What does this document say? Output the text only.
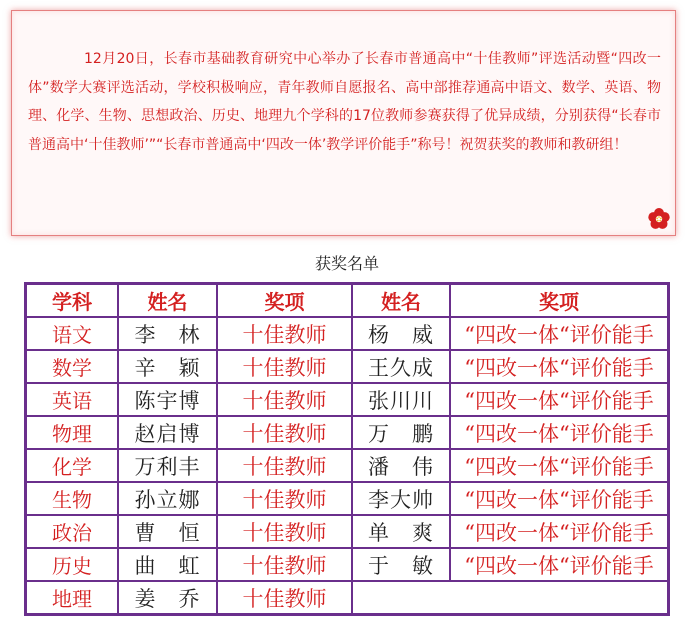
12月20日，长春市基础教育研究中心举办了长春市普通高中“十佳教师”评选活动暨“四改一体”数学大赛评选活动，学校积极响应，青年教师自愿报名、高中部推荐通高中语文、数学、英语、物理、化学、生物、思想政治、历史、地理九个学科的17位教师参赛获得了优异成绩，分别获得“长春市普通高中‘十佳教师’”“长春市普通高中‘四改一体’教学评价能手”称号！祝贺获奖的教师和教研组！

获奖名单
学科	姓名	奖项	姓名	奖项
语文	李　林	十佳教师	杨　威	“四改一体“评价能手
数学	辛　颖	十佳教师	王久成	“四改一体“评价能手
英语	陈宇博	十佳教师	张川川	“四改一体“评价能手
物理	赵启博	十佳教师	万　鹏	“四改一体“评价能手
化学	万利丰	十佳教师	潘　伟	“四改一体“评价能手
生物	孙立娜	十佳教师	李大帅	“四改一体“评价能手
政治	曹　恒	十佳教师	单　爽	“四改一体“评价能手
历史	曲　虹	十佳教师	于　敏	“四改一体“评价能手
地理	姜　乔	十佳教师		
